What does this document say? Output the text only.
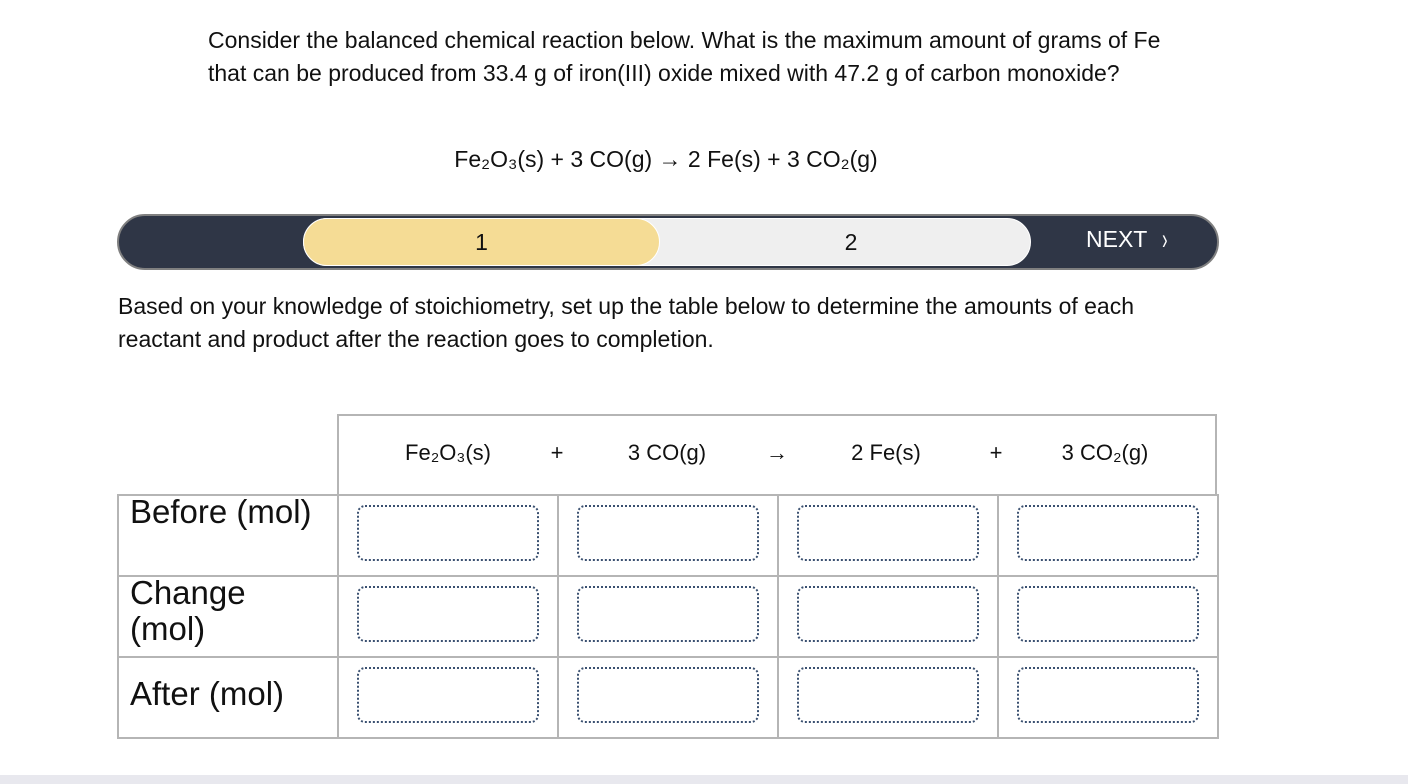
Consider the balanced chemical reaction below. What is the maximum amount of grams of Fe that can be produced from 33.4 g of iron(III) oxide mixed with 47.2 g of carbon monoxide?
Fe₂O₃(s) + 3 CO(g) → 2 Fe(s) + 3 CO₂(g)
2
1	NEXT ›
Based on your knowledge of stoichiometry, set up the table below to determine the amounts of each reactant and product after the reaction goes to completion.
Fe₂O₃(s)	+	3 CO(g)	→	2 Fe(s)	+	3 CO₂(g)
Before (mol)
Change (mol)
After (mol)
